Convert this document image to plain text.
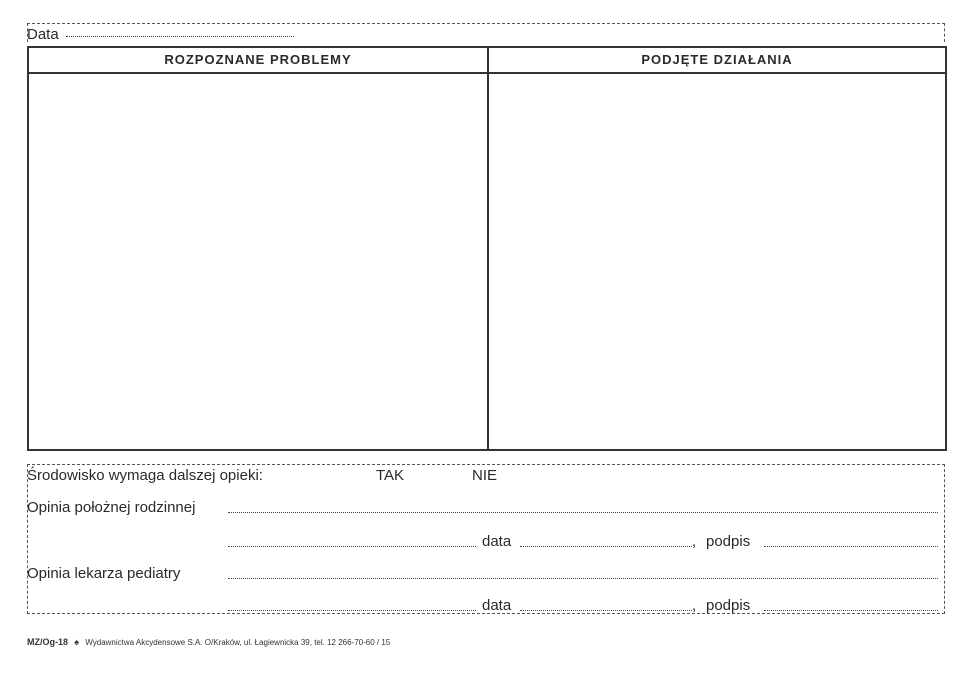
Data
ROZPOZNANE PROBLEMY	PODJĘTE DZIAŁANIA
Środowisko wymaga dalszej opieki:	TAK	NIE
Opinia położnej rodzinnej
data	, podpis
Opinia lekarza pediatry
data	, podpis
MZ/Og-18 ♠ Wydawnictwa Akcydensowe S.A. O/Kraków, ul. Łagiewnicka 39, tel. 12 266-70-60 / 15
